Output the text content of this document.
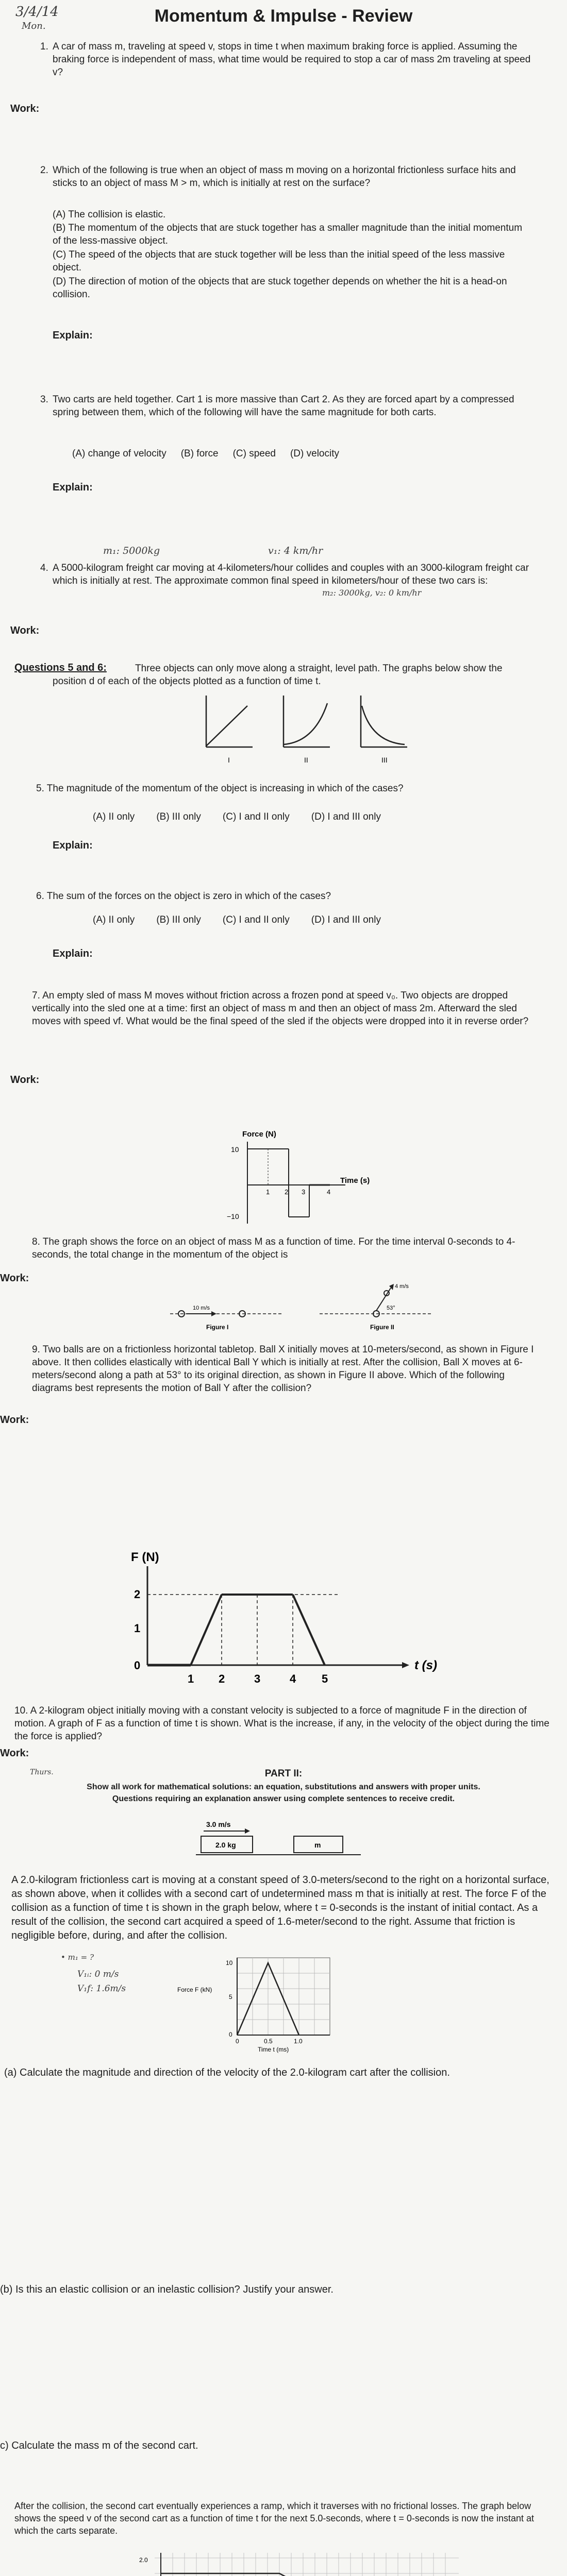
3/4/14
Mon.
Momentum & Impulse - Review
1. A car of mass m, traveling at speed v, stops in time t when maximum braking force is applied. Assuming the braking force is independent of mass, what time would be required to stop a car of mass 2m traveling at speed v?
Work:
2. Which of the following is true when an object of mass m moving on a horizontal frictionless surface hits and sticks to an object of mass M > m, which is initially at rest on the surface?
(A) The collision is elastic.
(B) The momentum of the objects that are stuck together has a smaller magnitude than the initial momentum of the less-massive object.
(C) The speed of the objects that are stuck together will be less than the initial speed of the less massive object.
(D) The direction of motion of the objects that are stuck together depends on whether the hit is a head-on collision.
Explain:
3. Two carts are held together. Cart 1 is more massive than Cart 2. As they are forced apart by a compressed spring between them, which of the following will have the same magnitude for both carts.
(A) change of velocity (B) force (C) speed (D) velocity
Explain:
m₁: 5000kg	v₁: 4 km/hr
4. A 5000-kilogram freight car moving at 4-kilometers/hour collides and couples with an 3000-kilogram freight car which is initially at rest. The approximate common final speed in kilometers/hour of these two cars is:
m₂: 3000kg, v₂: 0 km/hr
Work:
Questions 5 and 6:	Three objects can only move along a straight, level path. The graphs below show the position d of each of the objects plotted as a function of time t.
I	II	III
5. The magnitude of the momentum of the object is increasing in which of the cases?
(A) II only (B) III only (C) I and II only (D) I and III only
Explain:
6. The sum of the forces on the object is zero in which of the cases?
(A) II only (B) III only (C) I and II only (D) I and III only
Explain:
7. An empty sled of mass M moves without friction across a frozen pond at speed v₀. Two objects are dropped vertically into the sled one at a time: first an object of mass m and then an object of mass 2m. Afterward the sled moves with speed vf. What would be the final speed of the sled if the objects were dropped into it in reverse order?
Work:
Force (N)
10
−10
1 2 3	4
Time (s)
8. The graph shows the force on an object of mass M as a function of time. For the time interval 0-seconds to 4-seconds, the total change in the momentum of the object is
Work:
10 m/s
Figure I
4 m/s
53°
Figure II
9. Two balls are on a frictionless horizontal tabletop. Ball X initially moves at 10-meters/second, as shown in Figure I above. It then collides elastically with identical Ball Y which is initially at rest. After the collision, Ball X moves at 6-meters/second along a path at 53° to its original direction, as shown in Figure II above. Which of the following diagrams best represents the motion of Ball Y after the collision?
Work:
F (N)
2
1
0
1 2	3	4 5
t (s)
10. A 2-kilogram object initially moving with a constant velocity is subjected to a force of magnitude F in the direction of motion. A graph of F as a function of time t is shown. What is the increase, if any, in the velocity of the object during the time the force is applied?
Work:
Thurs.	PART II:
Show all work for mathematical solutions: an equation, substitutions and answers with proper units.
Questions requiring an explanation answer using complete sentences to receive credit.
3.0 m/s
2.0 kg	m
A 2.0-kilogram frictionless cart is moving at a constant speed of 3.0-meters/second to the right on a horizontal surface, as shown above, when it collides with a second cart of undetermined mass m that is initially at rest. The force F of the collision as a function of time t is shown in the graph below, where t = 0-seconds is the instant of initial contact. As a result of the collision, the second cart acquired a speed of 1.6-meter/second to the right. Assume that friction is negligible before, during, and after the collision.
• m₁ = ?
V₁ᵢ: 0 m/s
V₁f: 1.6m/s	Force F (kN)
10
5
0
0	0.5	1.0
Time t (ms)
(a) Calculate the magnitude and direction of the velocity of the 2.0-kilogram cart after the collision.
(b) Is this an elastic collision or an inelastic collision? Justify your answer.
c) Calculate the mass m of the second cart.
After the collision, the second cart eventually experiences a ramp, which it traverses with no frictional losses. The graph below shows the speed v of the second cart as a function of time t for the next 5.0-seconds, where t = 0-seconds is now the instant at which the carts separate.
2.0
